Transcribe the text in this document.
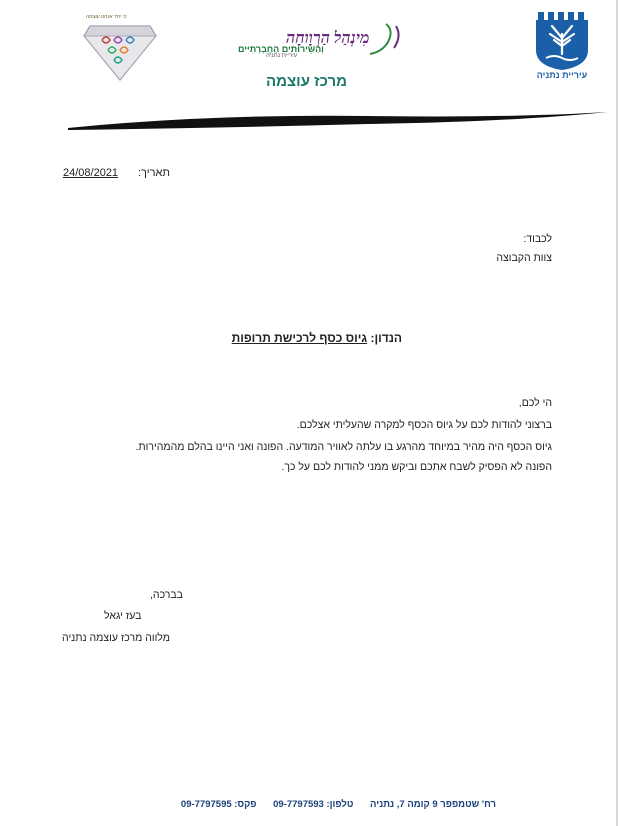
עיריית נתניה
מִינְהַל הַרְוָוחָה
וְהַשֵּׁירוּתִים הַחֶבְרָתִיִּים
עיריית נתניה
מרכז עוצמה
כי יחד אנחנו עוצמה
תאריך:
24/08/2021
לכבוד:
צוות הקבוצה
הנדון: גיוס כסף לרכישת תרופות
הי לכם,
ברצוני להודות לכם על גיוס הכסף למקרה שהעליתי אצלכם.
גיוס הכסף היה מהיר במיוחד מהרגע בו עלתה לאוויר המודעה. הפונה ואני היינו בהלם מהמהירות.
הפונה לא הפסיק לשבח אתכם וביקש ממני להודות לכם על כך.
בברכה,
בעז יגאל
מלווה מרכז עוצמה נתניה
רח' שטמפפר 9 קומה 7, נתניה טלפון: 09-7797593 פקס: 09-7797595
